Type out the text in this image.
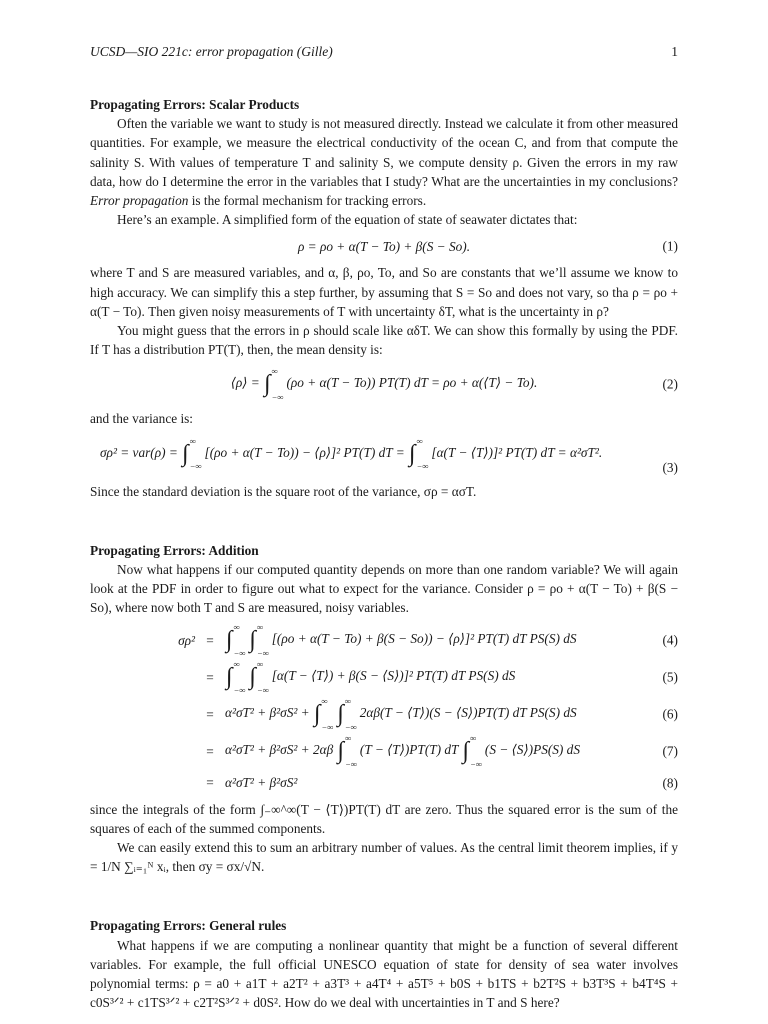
UCSD—SIO 221c: error propagation (Gille)	1
Propagating Errors: Scalar Products

Often the variable we want to study is not measured directly. Instead we calculate it from other measured quantities. For example, we measure the electrical conductivity of the ocean C, and from that compute the salinity S. With values of temperature T and salinity S, we compute density ρ. Given the errors in my raw data, how do I determine the error in the variables that I study? What are the uncertainties in my conclusions? Error propagation is the formal mechanism for tracking errors.

Here’s an example. A simplified form of the equation of state of seawater dictates that:

ρ = ρo + α(T − To) + β(S − So).	(1)

where T and S are measured variables, and α, β, ρo, To, and So are constants that we’ll assume we know to high accuracy. We can simplify this a step further, by assuming that S = So and does not vary, so tha ρ = ρo + α(T − To). Then given noisy measurements of T with uncertainty δT, what is the uncertainty in ρ?

You might guess that the errors in ρ should scale like αδT. We can show this formally by using the PDF. If T has a distribution PT(T), then, the mean density is:

⟨ρ⟩ = ∫ ∞
−∞
(ρo + α(T − To)) PT(T) dT = ρo + α(⟨T⟩ − To).	(2)

and the variance is:

σρ² = var(ρ) = ∫ ∞
−∞
[(ρo + α(T − To)) − ⟨ρ⟩]² PT(T) dT = ∫ ∞
−∞
[α(T − ⟨T⟩)]² PT(T) dT = α²σT².
(3)

Since the standard deviation is the square root of the variance, σρ = ασT.

Propagating Errors: Addition

Now what happens if our computed quantity depends on more than one random variable? We will again look at the PDF in order to figure out what to expect for the variance. Consider ρ = ρo + α(T − To) + β(S − So), where now both T and S are measured, noisy variables.

σρ² = ∫ ∞
−∞ ∫ ∞
−∞
[(ρo + α(T − To) + β(S − So)) − ⟨ρ⟩]² PT(T) dT PS(S) dS	(4)
= ∫ ∞
−∞ ∫ ∞
−∞
[α(T − ⟨T⟩) + β(S − ⟨S⟩)]² PT(T) dT PS(S) dS	(5)
= α²σT² + β²σS² + ∫ ∞
−∞ ∫ ∞
−∞
2αβ(T − ⟨T⟩)(S − ⟨S⟩)PT(T) dT PS(S) dS	(6)
= α²σT² + β²σS² + 2αβ ∫ ∞
−∞
(T − ⟨T⟩)PT(T) dT ∫ ∞
−∞
(S − ⟨S⟩)PS(S) dS	(7)
= α²σT² + β²σS²	(8)

since the integrals of the form ∫₋∞^∞(T − ⟨T⟩)PT(T) dT are zero. Thus the squared error is the sum of the squares of each of the summed components.

We can easily extend this to sum an arbitrary number of values. As the central limit theorem implies, if y = 1/N ∑ᵢ₌₁ᴺ xᵢ, then σy = σx/√N.

Propagating Errors: General rules

What happens if we are computing a nonlinear quantity that might be a function of several different variables. For example, the full official UNESCO equation of state for density of sea water involves polynomial terms: ρ = a0 + a1T + a2T² + a3T³ + a4T⁴ + a5T⁵ + b0S + b1TS + b2T²S + b3T³S + b4T⁴S + c0S³ᐟ² + c1TS³ᐟ² + c2T²S³ᐟ² + d0S². How do we deal with uncertainties in T and S here?
